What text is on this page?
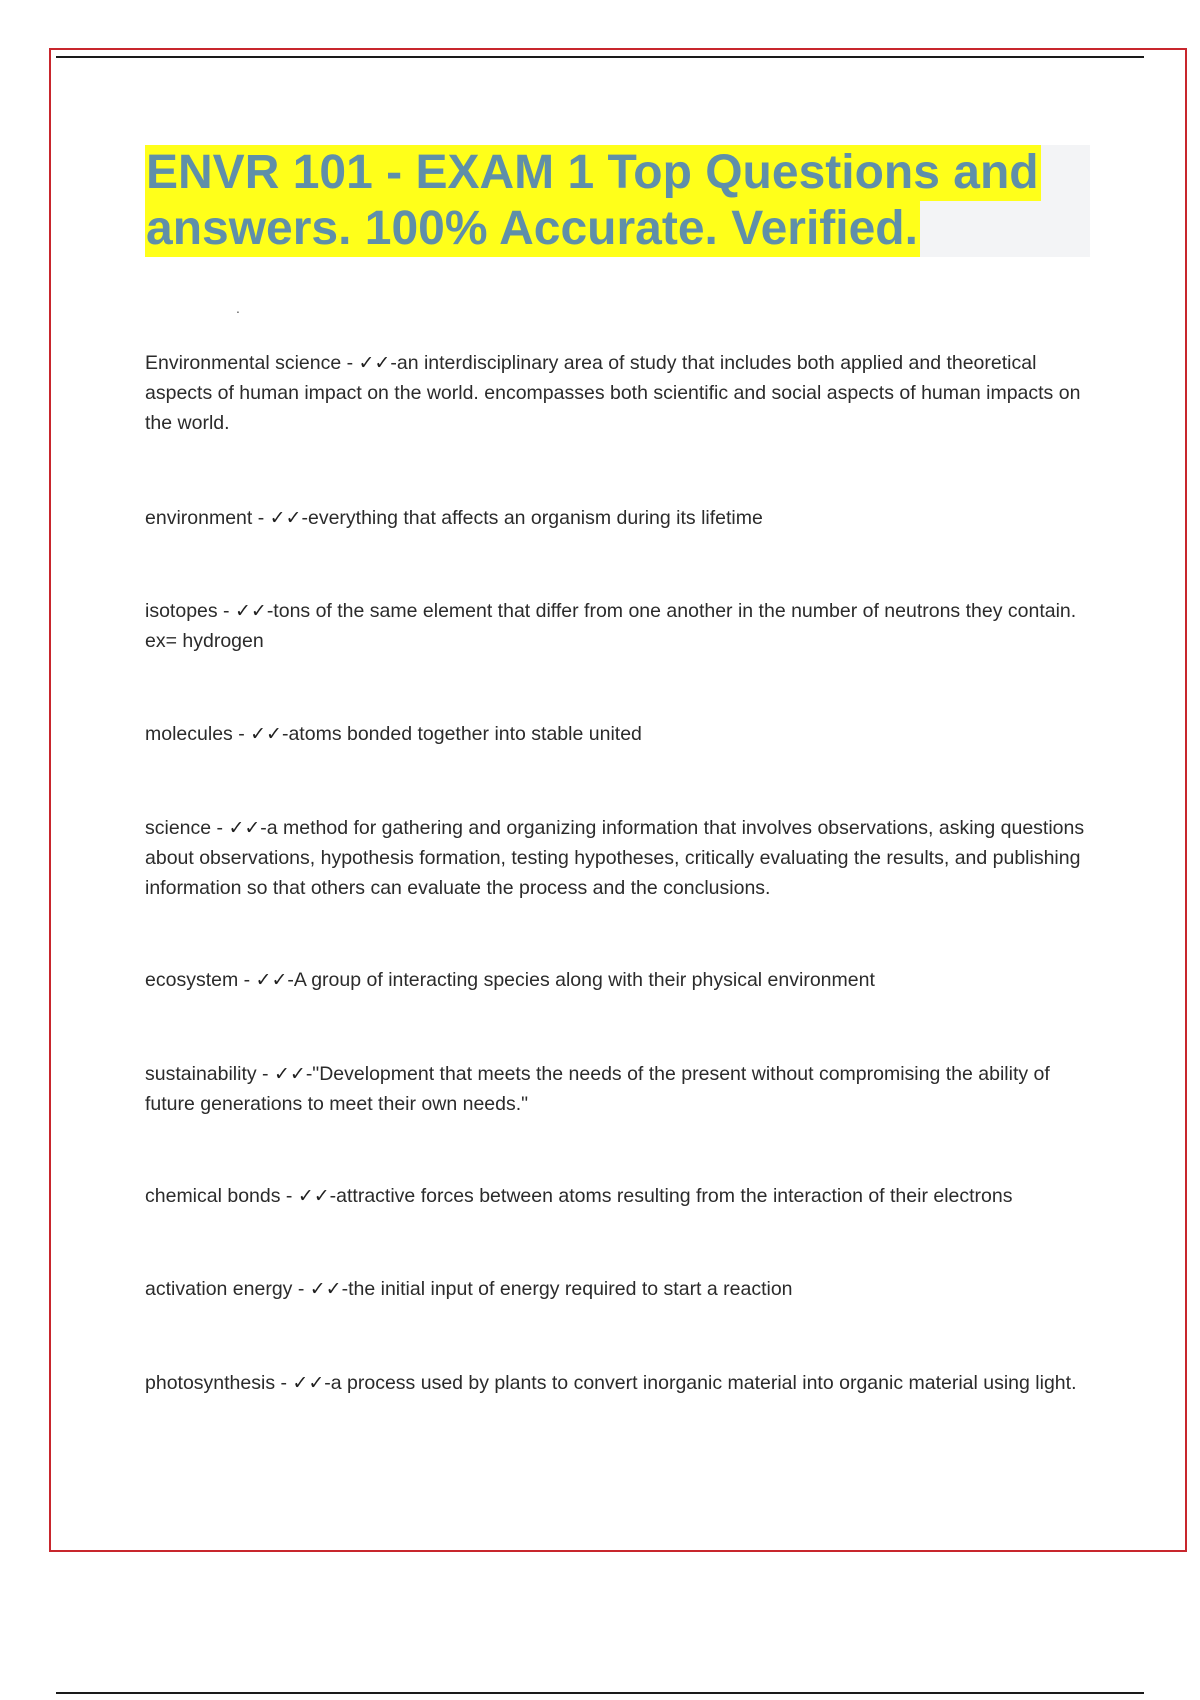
ENVR 101 - EXAM 1 Top Questions and
answers. 100% Accurate. Verified.
.
Environmental science - ✓✓-an interdisciplinary area of study that includes both applied and theoretical aspects of human impact on the world. encompasses both scientific and social aspects of human impacts on the world.
environment - ✓✓-everything that affects an organism during its lifetime
isotopes - ✓✓-tons of the same element that differ from one another in the number of neutrons they contain. ex= hydrogen
molecules - ✓✓-atoms bonded together into stable united
science - ✓✓-a method for gathering and organizing information that involves observations, asking questions about observations, hypothesis formation, testing hypotheses, critically evaluating the results, and publishing information so that others can evaluate the process and the conclusions.
ecosystem - ✓✓-A group of interacting species along with their physical environment
sustainability - ✓✓-"Development that meets the needs of the present without compromising the ability of future generations to meet their own needs."
chemical bonds - ✓✓-attractive forces between atoms resulting from the interaction of their electrons
activation energy - ✓✓-the initial input of energy required to start a reaction
photosynthesis - ✓✓-a process used by plants to convert inorganic material into organic material using light.
